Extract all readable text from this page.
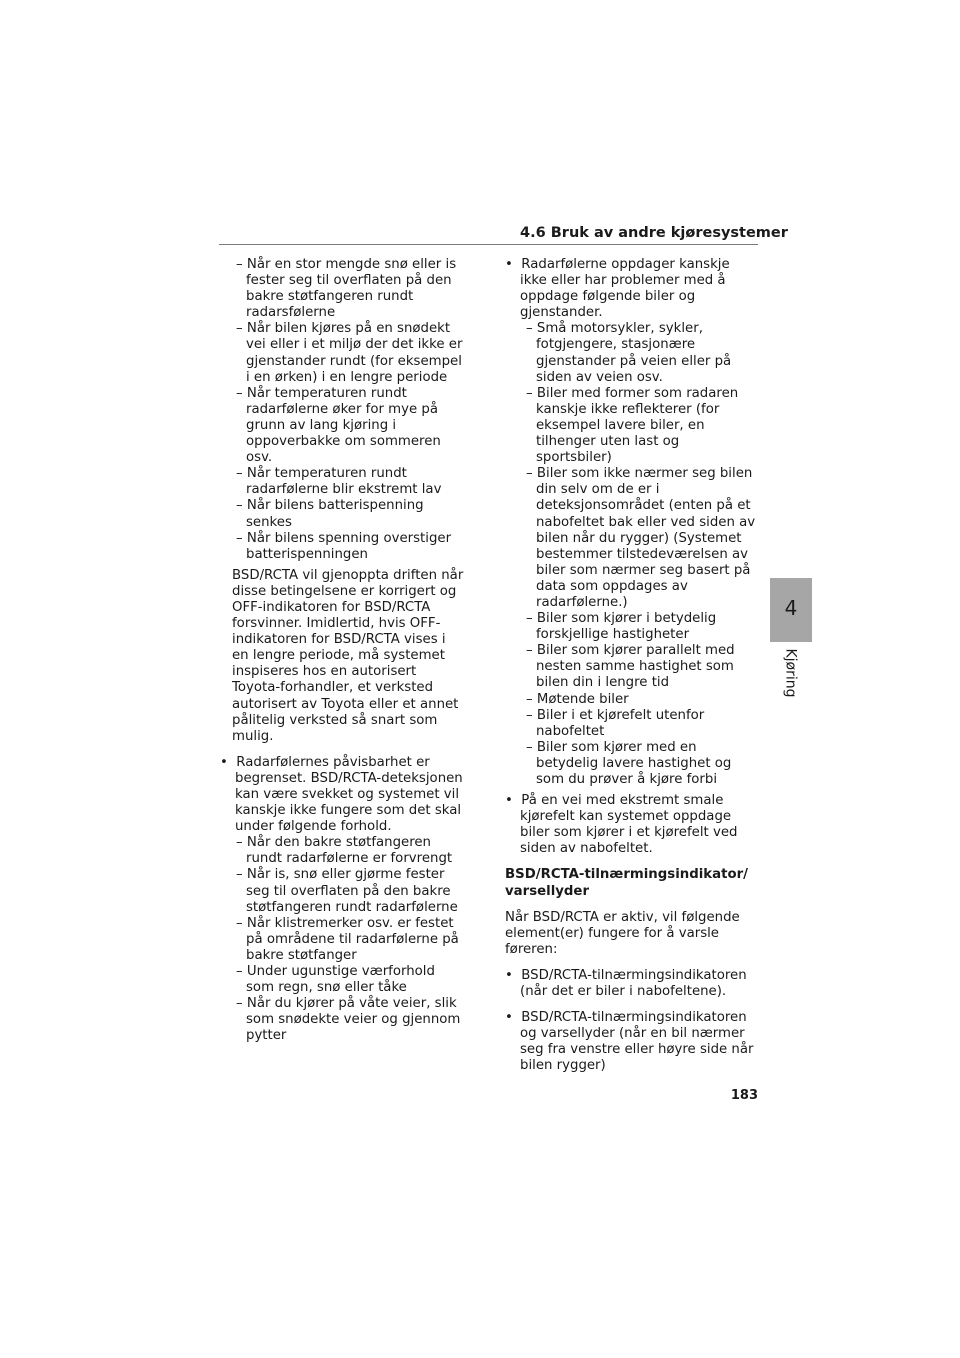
4.6 Bruk av andre kjøresystemer

– Når en stor mengde snø eller is fester seg til overflaten på den bakre støtfangeren rundt radarsfølerne

– Når bilen kjøres på en snødekt vei eller i et miljø der det ikke er gjenstander rundt (for eksempel i en ørken) i en lengre periode

– Når temperaturen rundt radarfølerne øker for mye på grunn av lang kjøring i oppoverbakke om sommeren osv.

– Når temperaturen rundt radarfølerne blir ekstremt lav

– Når bilens batterispenning senkes

– Når bilens spenning overstiger batterispenningen

BSD/RCTA vil gjenoppta driften når disse betingelsene er korrigert og OFF-indikatoren for BSD/RCTA forsvinner. Imidlertid, hvis OFF-indikatoren for BSD/RCTA vises i en lengre periode, må systemet inspiseres hos en autorisert Toyota-forhandler, et verksted autorisert av Toyota eller et annet pålitelig verksted så snart som mulig.

•  Radarfølernes påvisbarhet er begrenset. BSD/RCTA-deteksjonen kan være svekket og systemet vil kanskje ikke fungere som det skal under følgende forhold.

– Når den bakre støtfangeren rundt radarfølerne er forvrengt

– Når is, snø eller gjørme fester seg til overflaten på den bakre støtfangeren rundt radarfølerne

– Når klistremerker osv. er festet på områdene til radarfølerne på bakre støtfanger

– Under ugunstige værforhold som regn, snø eller tåke

– Når du kjører på våte veier, slik som snødekte veier og gjennom pytter

•  Radarfølerne oppdager kanskje ikke eller har problemer med å oppdage følgende biler og gjenstander.

– Små motorsykler, sykler, fotgjengere, stasjonære gjenstander på veien eller på siden av veien osv.

– Biler med former som radaren kanskje ikke reflekterer (for eksempel lavere biler, en tilhenger uten last og sportsbiler)

– Biler som ikke nærmer seg bilen din selv om de er i deteksjonsområdet (enten på et nabofeltet bak eller ved siden av bilen når du rygger) (Systemet bestemmer tilstedeværelsen av biler som nærmer seg basert på data som oppdages av radarfølerne.)

– Biler som kjører i betydelig forskjellige hastigheter

– Biler som kjører parallelt med nesten samme hastighet som bilen din i lengre tid

– Møtende biler

– Biler i et kjørefelt utenfor nabofeltet

– Biler som kjører med en betydelig lavere hastighet og som du prøver å kjøre forbi

•  På en vei med ekstremt smale kjørefelt kan systemet oppdage biler som kjører i et kjørefelt ved siden av nabofeltet.

BSD/RCTA-tilnærmingsindikator/ varsellyder

Når BSD/RCTA er aktiv, vil følgende element(er) fungere for å varsle føreren:

•  BSD/RCTA-tilnærmingsindikatoren (når det er biler i nabofeltene).

•  BSD/RCTA-tilnærmingsindikatoren og varsellyder (når en bil nærmer seg fra venstre eller høyre side når bilen rygger)

4
Kjøring
183
